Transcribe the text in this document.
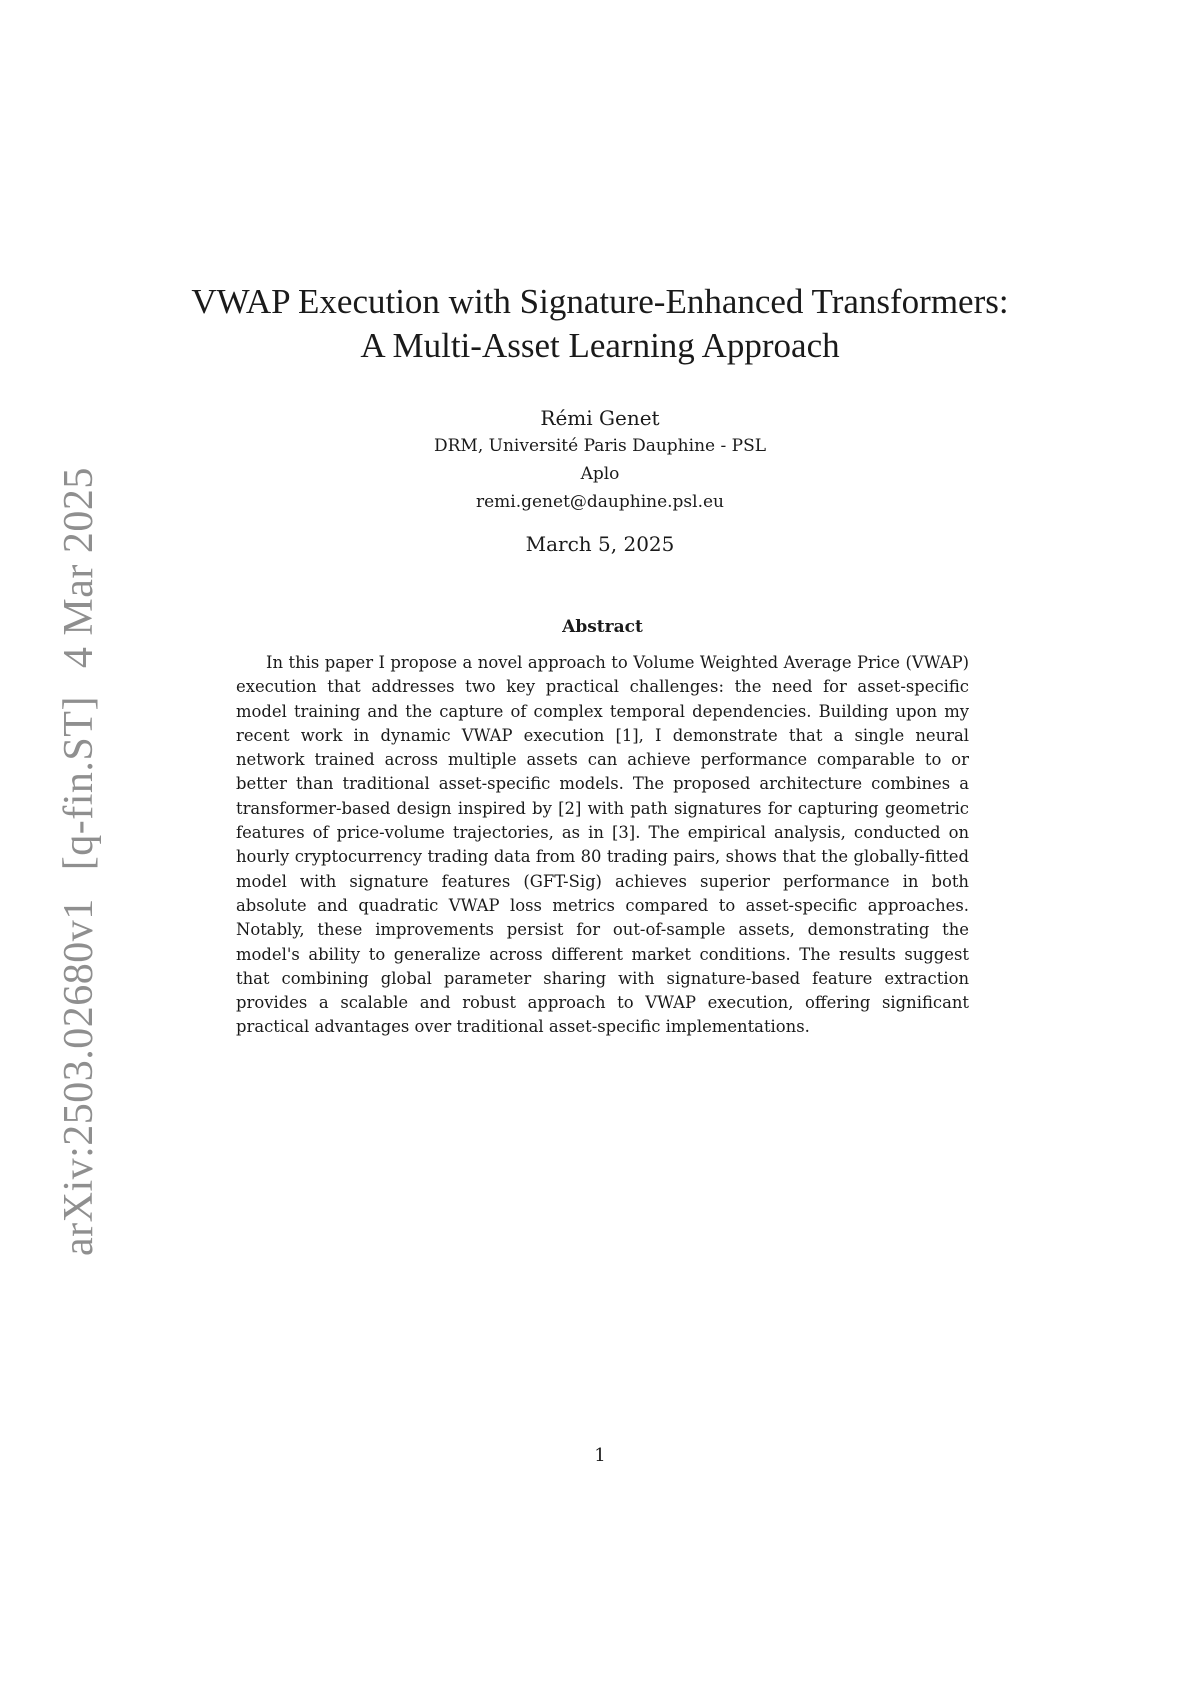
arXiv:2503.02680v1[q-fin.ST]4 Mar 2025
VWAP Execution with Signature-Enhanced Transformers:
A Multi-Asset Learning Approach
Rémi Genet
DRM, Université Paris Dauphine - PSL
Aplo
remi.genet@dauphine.psl.eu
March 5, 2025
Abstract

In this paper I propose a novel approach to Volume Weighted Average Price (VWAP) execution that addresses two key practical challenges: the need for asset-specific model training and the capture of complex temporal dependencies. Building upon my recent work in dynamic VWAP execution [1], I demonstrate that a single neural network trained across multiple assets can achieve performance comparable to or better than traditional asset-specific models. The proposed architecture combines a transformer-based design inspired by [2] with path signatures for capturing geometric features of price-volume trajectories, as in [3]. The empirical analysis, conducted on hourly cryptocurrency trading data from 80 trading pairs, shows that the globally-fitted model with signature features (GFT-Sig) achieves superior performance in both absolute and quadratic VWAP loss metrics compared to asset-specific approaches. Notably, these improvements persist for out-of-sample assets, demonstrating the model's ability to generalize across different market conditions. The results suggest that combining global parameter sharing with signature-based feature extraction provides a scalable and robust approach to VWAP execution, offering significant practical advantages over traditional asset-specific implementations.

1
